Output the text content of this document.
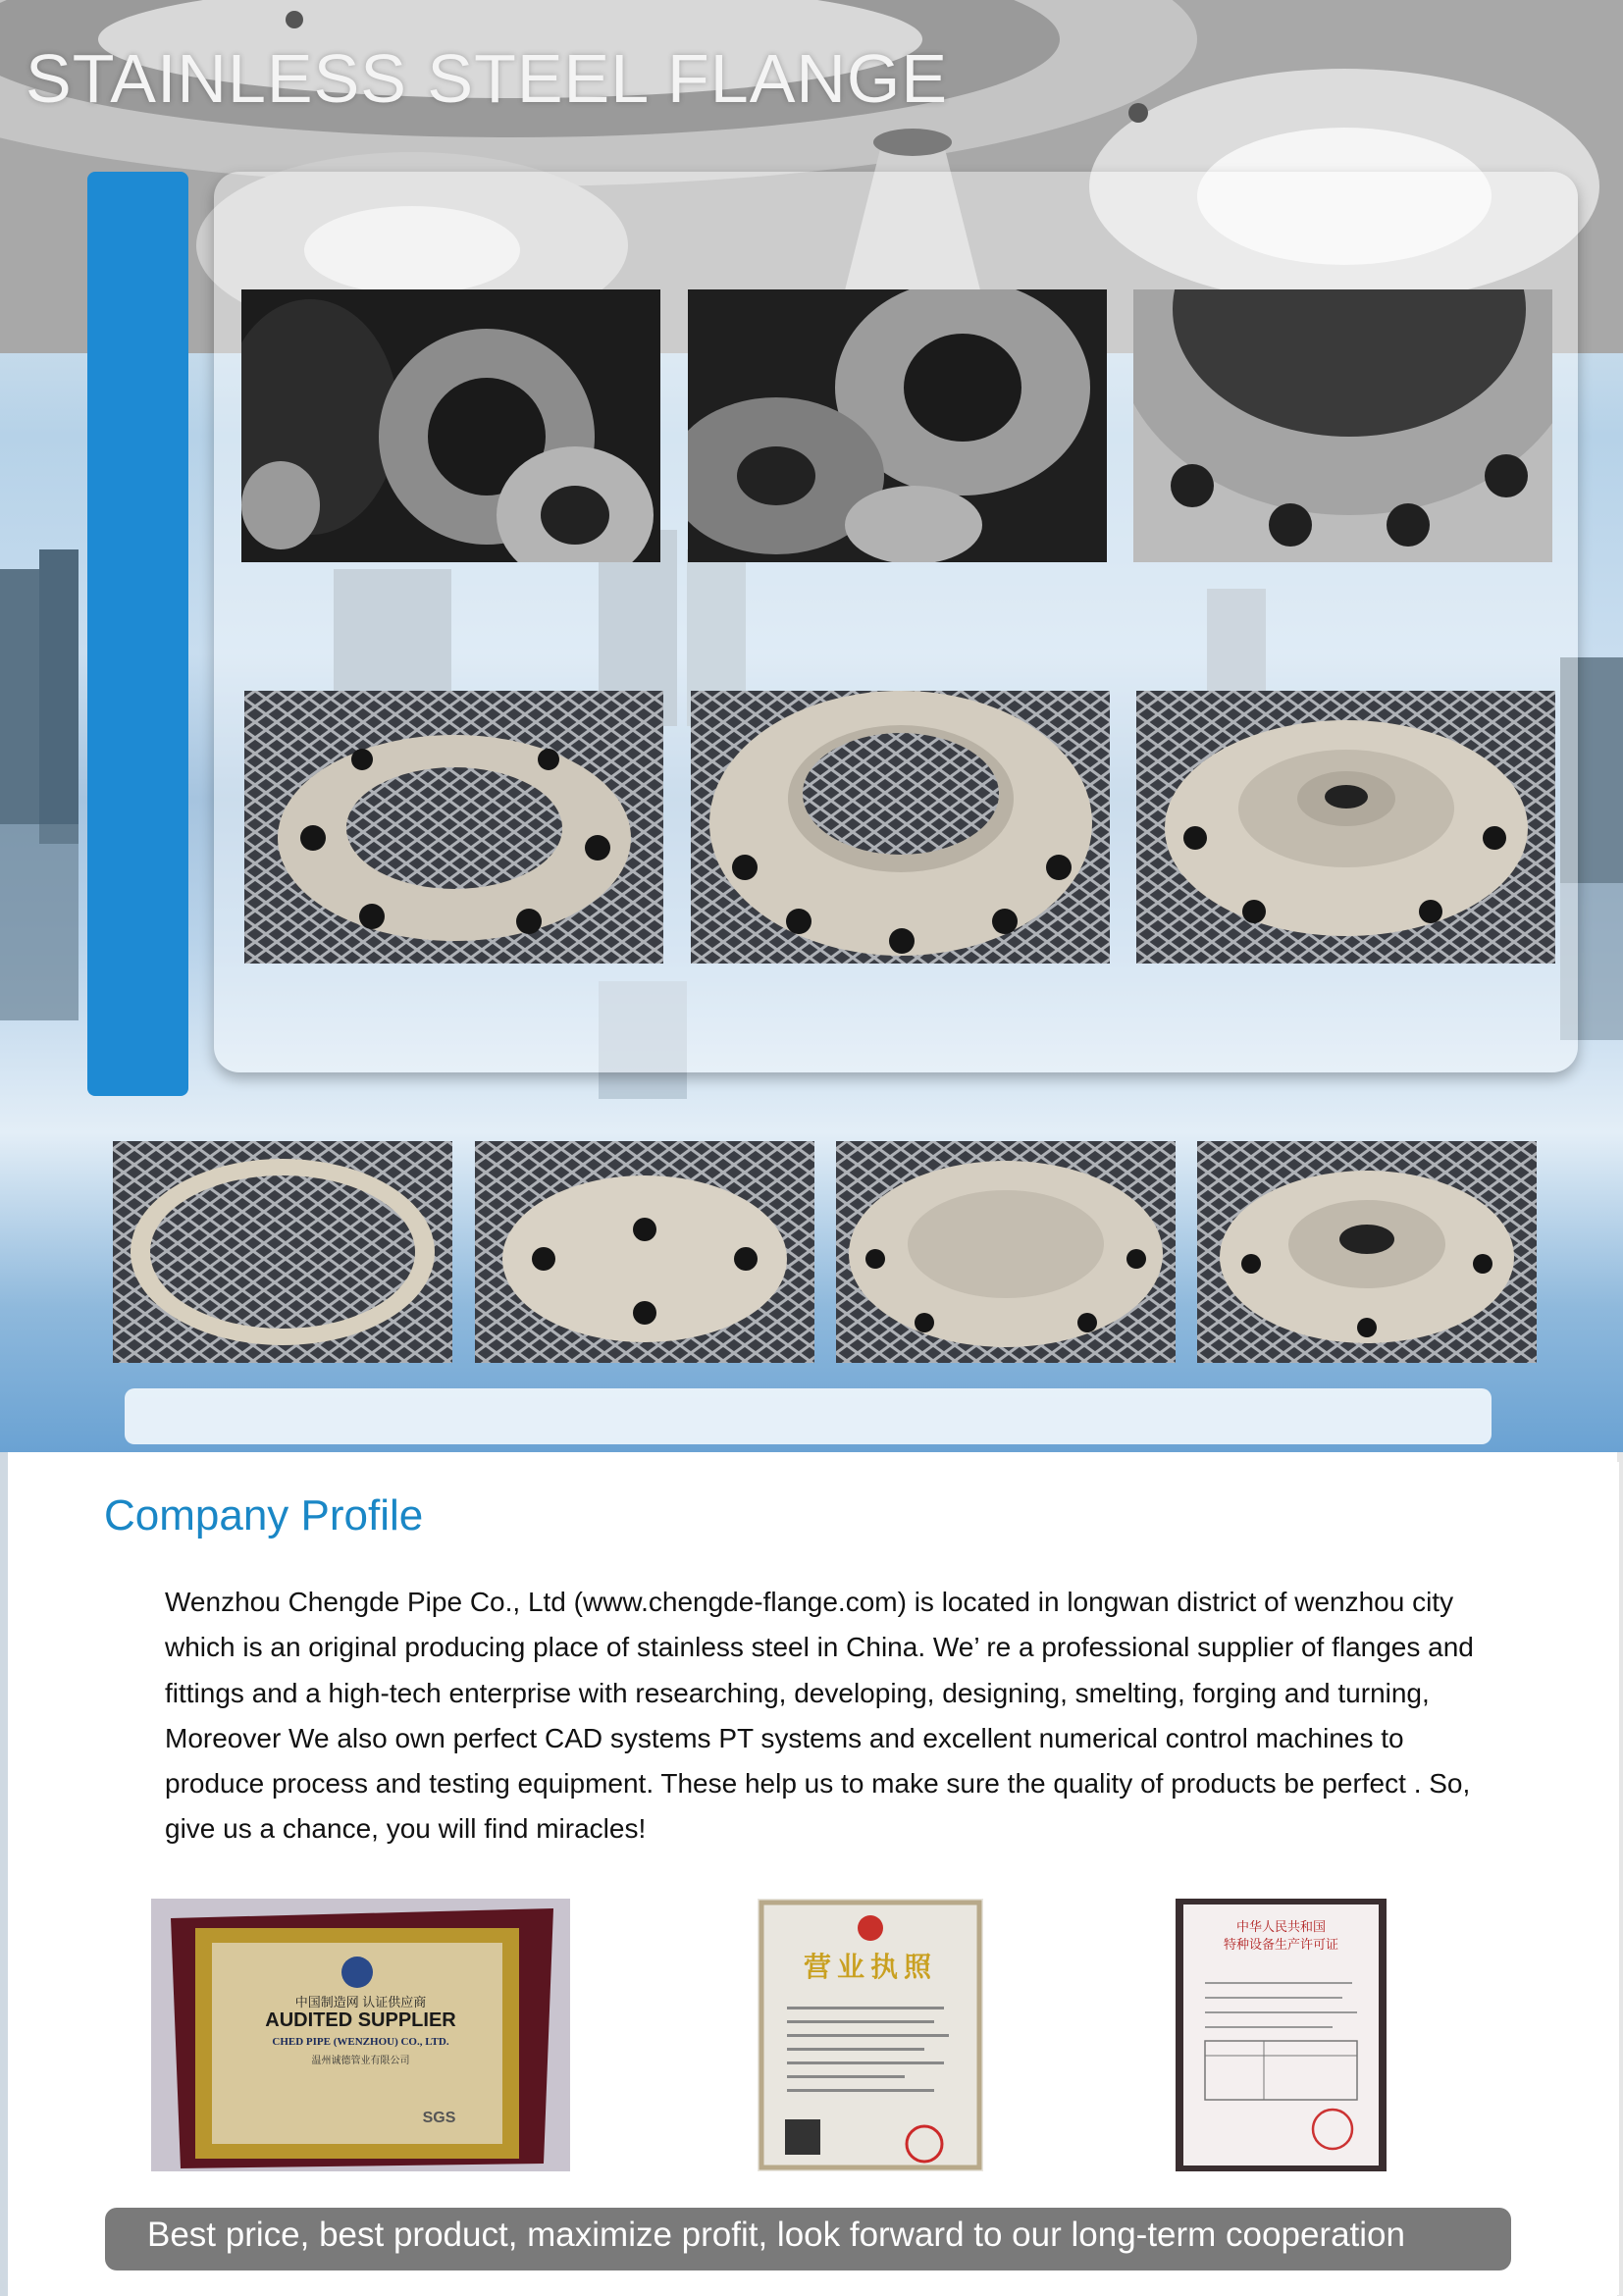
STAINLESS STEEL FLANGE
Company Profile

Wenzhou Chengde Pipe Co., Ltd (www.chengde-flange.com) is located in longwan district of wenzhou city which is an original producing place of stainless steel in China. We’ re a professional supplier of flanges and fittings and a high-tech enterprise with researching, developing, designing, smelting, forging and turning, Moreover We also own perfect CAD systems PT systems and excellent numerical control machines to produce process and testing equipment. These help us to make sure the quality of products be perfect . So, give us a chance, you will find miracles!

中国制造网 认证供应商

AUDITED SUPPLIER

CHED PIPE (WENZHOU) CO., LTD.

温州诚德管业有限公司

SGS

营业执照

中华人民共和国

特种设备生产许可证

Best price, best product, maximize profit, look forward to our long-term cooperation
